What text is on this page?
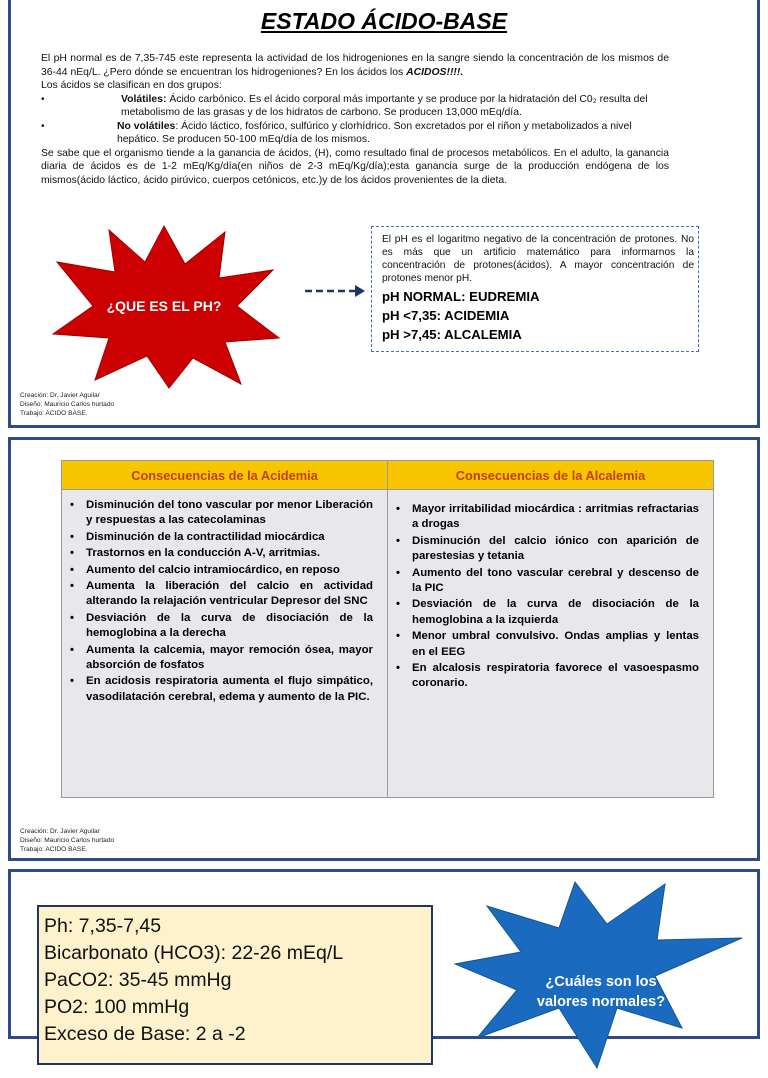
ESTADO ÁCIDO-BASE

El pH normal es de 7,35-745 este representa la actividad de los hidrogeniones en la sangre siendo la concentración de los mismos de 36-44 nEq/L. ¿Pero dónde se encuentran los hidrogeniones? En los ácidos los ACIDOS!!!!.

Los ácidos se clasifican en dos grupos:

•	Volátiles: Ácido carbónico. Es el ácido corporal más importante y se produce por la hidratación del C0₂ resulta del metabolismo de las grasas y de los hidratos de carbono. Se producen 13,000 mEq/día.
•	No volátiles: Ácido láctico, fosfórico, sulfúrico y clorhídrico. Son excretados por el riñon y metabolizados a nivel hepático. Se producen 50-100 mEq/día de los mismos.

Se sabe que el organismo tiende a la ganancia de ácidos, (H), como resultado final de procesos metabólicos. En el adulto, la ganancia diaria de ácidos es de 1-2 mEq/Kg/día(en niños de 2-3 mEq/Kg/día);esta ganancia surge de la producción endógena de los mismos(ácido láctico, ácido pirúvico, cuerpos cetónicos, etc.)y de los ácidos provenientes de la dieta.

¿QUE ES EL PH?

El pH es el logaritmo negativo de la concentración de protones. No es más que un artificio matemático para informarnos la concentración de protones(ácidos). A mayor concentración de protones menor pH.

pH NORMAL: EUDREMIA
pH <7,35: ACIDEMIA
pH >7,45: ALCALEMIA
Creación: Dr. Javier Aguilar
Diseño: Mauricio Carlos hurtado
Trabajo: ACIDO BASE.
Consecuencias de la Acidemia
• Disminución del tono vascular por menor Liberación y respuestas a las catecolaminas
• Disminución de la contractilidad miocárdica
• Trastornos en la conducción A-V, arritmias.
• Aumento del calcio intramiocárdico, en reposo
• Aumenta la liberación del calcio en actividad alterando la relajación ventricular Depresor del SNC
• Desviación de la curva de disociación de la hemoglobina a la derecha
• Aumenta la calcemia, mayor remoción ósea, mayor absorción de fosfatos
• En acidosis respiratoria aumenta el flujo simpático, vasodilatación cerebral, edema y aumento de la PIC.
Consecuencias de la Alcalemia
• Mayor irritabilidad miocárdica : arritmias refractarias a drogas
• Disminución del calcio iónico con aparición de parestesias y tetania
• Aumento del tono vascular cerebral y descenso de la PIC
• Desviación de la curva de disociación de la hemoglobina a la izquierda
• Menor umbral convulsivo. Ondas amplias y lentas en el EEG
• En alcalosis respiratoria favorece el vasoespasmo coronario.
Creación: Dr. Javier Aguilar
Diseño: Mauricio Carlos hurtado
Trabajo: ACIDO BASE.
Ph: 7,35-7,45
Bicarbonato (HCO3): 22-26 mEq/L
PaCO2: 35-45 mmHg
PO2: 100 mmHg
Exceso de Base: 2 a -2
¿Cuáles son los
valores normales?
